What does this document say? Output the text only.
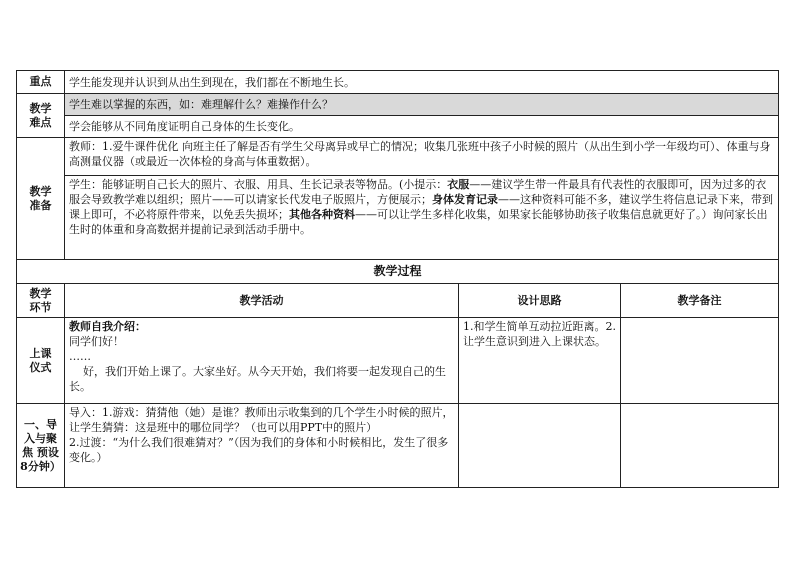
重点	学生能发现并认识到从出生到现在，我们都在不断地生长。		

教学
难点	学生难以掌握的东西，如：难理解什么？难操作什么？		
	学会能够从不同角度证明自己身体的生长变化。		

教学
准备	教师：1.爱牛课件优化 向班主任了解是否有学生父母离异或早亡的情况；收集几张班中孩子小时候的照片（从出生到小学一年级均可）、体重与身高测量仪器（或最近一次体检的身高与体重数据）。		
	学生：能够证明自己长大的照片、衣服、用具、生长记录表等物品。(小提示：衣服——建议学生带一件最具有代表性的衣服即可，因为过多的衣服会导致教学难以组织；照片——可以请家长代发电子版照片，方便展示；身体发育记录——这种资料可能不多，建议学生将信息记录下来，带到课上即可，不必将原件带来，以免丢失损坏；其他各种资料——可以让学生多样化收集，如果家长能够协助孩子收集信息就更好了。）询问家长出生时的体重和身高数据并提前记录到活动手册中。		
教学过程			

教学
环节	教学活动	设计思路	教学备注

上课
仪式	教师自我介绍：
同学们好！
……
好，我们开始上课了。大家坐好。从今天开始，我们将要一起发现自己的生长。	1.和学生简单互动拉近距离。2.让学生意识到进入上课状态。	

一、导
入与聚
焦 预设
8分钟）	导入：1.游戏：猜猜他（她）是谁？教师出示收集到的几个学生小时候的照片，让学生猜猜：这是班中的哪位同学？（也可以用PPT中的照片）
2.过渡：“为什么我们很难猜对？”（因为我们的身体和小时候相比，发生了很多变化。）		
